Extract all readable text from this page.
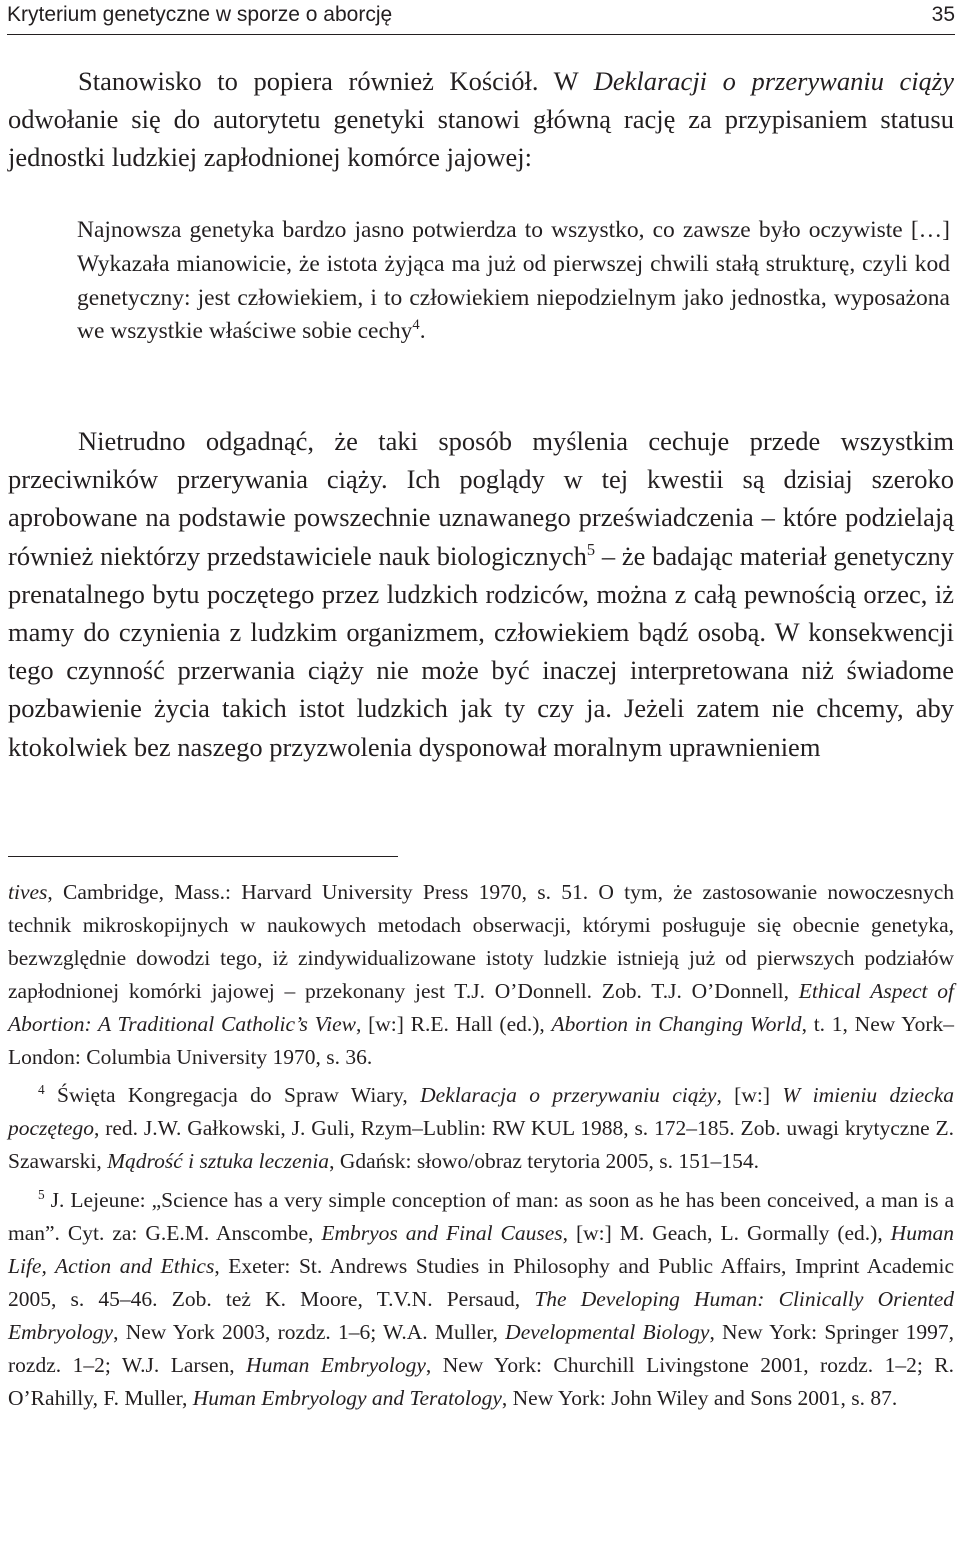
Kryterium genetyczne w sporze o aborcję	35

Stanowisko to popiera również Kościół. W Deklaracji o przerywaniu ciąży odwołanie się do autorytetu genetyki stanowi główną rację za przypisaniem statusu jednostki ludzkiej zapłodnionej komórce jajowej:

Najnowsza genetyka bardzo jasno potwierdza to wszystko, co zawsze było oczywiste […] Wykazała mianowicie, że istota żyjąca ma już od pierwszej chwili stałą strukturę, czyli kod genetyczny: jest człowiekiem, i to człowiekiem niepodzielnym jako jednostka, wyposażona we wszystkie właściwe sobie cechy$^4$.

Nietrudno odgadnąć, że taki sposób myślenia cechuje przede wszystkim przeciwników przerywania ciąży. Ich poglądy w tej kwestii są dzisiaj szeroko aprobowane na podstawie powszechnie uznawanego przeświadczenia – które podzielają również niektórzy przedstawiciele nauk biologicznych$^5$ – że badając materiał genetyczny prenatalnego bytu poczętego przez ludzkich rodziców, można z całą pewnością orzec, iż mamy do czynienia z ludzkim organizmem, człowiekiem bądź osobą. W konsekwencji tego czynność przerwania ciąży nie może być inaczej interpretowana niż świadome pozbawienie życia takich istot ludzkich jak ty czy ja. Jeżeli zatem nie chcemy, aby ktokolwiek bez naszego przyzwolenia dysponował moralnym uprawnieniem

tives, Cambridge, Mass.: Harvard University Press 1970, s. 51. O tym, że zastosowanie nowoczesnych technik mikroskopijnych w naukowych metodach obserwacji, którymi posługuje się obecnie genetyka, bezwzględnie dowodzi tego, iż zindywidualizowane istoty ludzkie istnieją już od pierwszych podziałów zapłodnionej komórki jajowej – przekonany jest T.J. O’Donnell. Zob. T.J. O’Donnell, Ethical Aspect of Abortion: A Traditional Catholic’s View, [w:] R.E. Hall (ed.), Abortion in Changing World, t. 1, New York–London: Columbia University 1970, s. 36.

$^4$ Święta Kongregacja do Spraw Wiary, Deklaracja o przerywaniu ciąży, [w:] W imieniu dziecka poczętego, red. J.W. Gałkowski, J. Guli, Rzym–Lublin: RW KUL 1988, s. 172–185. Zob. uwagi krytyczne Z. Szawarski, Mądrość i sztuka leczenia, Gdańsk: słowo/obraz terytoria 2005, s. 151–154.

$^5$ J. Lejeune: „Science has a very simple conception of man: as soon as he has been conceived, a man is a man”. Cyt. za: G.E.M. Anscombe, Embryos and Final Causes, [w:] M. Geach, L. Gormally (ed.), Human Life, Action and Ethics, Exeter: St. Andrews Studies in Philosophy and Public Affairs, Imprint Academic 2005, s. 45–46. Zob. też K. Moore, T.V.N. Persaud, The Developing Human: Clinically Oriented Embryology, New York 2003, rozdz. 1–6; W.A. Muller, Developmental Biology, New York: Springer 1997, rozdz. 1–2; W.J. Larsen, Human Embryology, New York: Churchill Livingstone 2001, rozdz. 1–2; R. O’Rahilly, F. Muller, Human Embryology and Teratology, New York: John Wiley and Sons 2001, s. 87.
